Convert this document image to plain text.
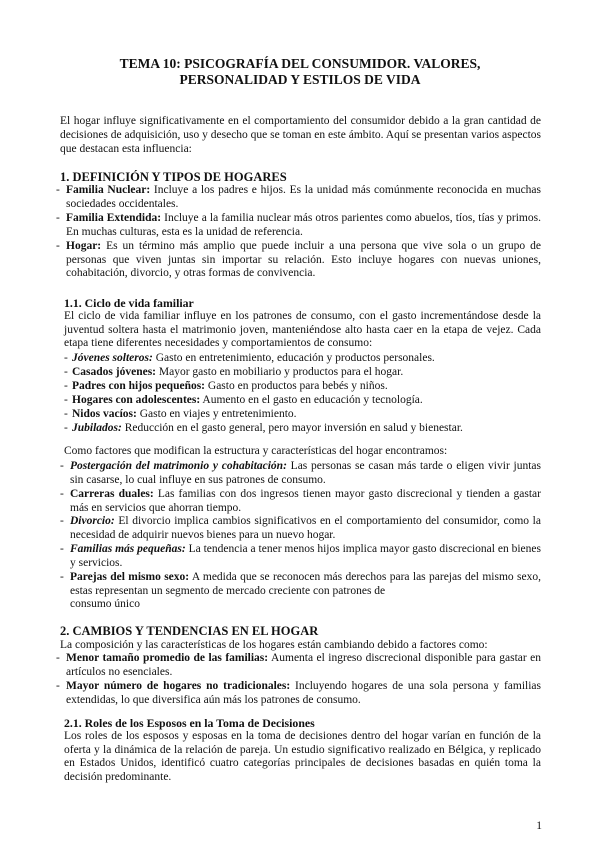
TEMA 10: PSICOGRAFÍA DEL CONSUMIDOR. VALORES,
PERSONALIDAD Y ESTILOS DE VIDA
El hogar influye significativamente en el comportamiento del consumidor debido a la gran cantidad de decisiones de adquisición, uso y desecho que se toman en este ámbito. Aquí se presentan varios aspectos que destacan esta influencia:
1. DEFINICIÓN Y TIPOS DE HOGARES
- Familia Nuclear: Incluye a los padres e hijos. Es la unidad más comúnmente reconocida en muchas sociedades occidentales.
- Familia Extendida: Incluye a la familia nuclear más otros parientes como abuelos, tíos, tías y primos. En muchas culturas, esta es la unidad de referencia.
- Hogar: Es un término más amplio que puede incluir a una persona que vive sola o un grupo de personas que viven juntas sin importar su relación. Esto incluye hogares con nuevas uniones, cohabitación, divorcio, y otras formas de convivencia.
1.1. Ciclo de vida familiar
El ciclo de vida familiar influye en los patrones de consumo, con el gasto incrementándose desde la juventud soltera hasta el matrimonio joven, manteniéndose alto hasta caer en la etapa de vejez. Cada etapa tiene diferentes necesidades y comportamientos de consumo:
- Jóvenes solteros: Gasto en entretenimiento, educación y productos personales.
- Casados jóvenes: Mayor gasto en mobiliario y productos para el hogar.
- Padres con hijos pequeños: Gasto en productos para bebés y niños.
- Hogares con adolescentes: Aumento en el gasto en educación y tecnología.
- Nidos vacíos: Gasto en viajes y entretenimiento.
- Jubilados: Reducción en el gasto general, pero mayor inversión en salud y bienestar.
Como factores que modifican la estructura y características del hogar encontramos:
- Postergación del matrimonio y cohabitación: Las personas se casan más tarde o eligen vivir juntas sin casarse, lo cual influye en sus patrones de consumo.
- Carreras duales: Las familias con dos ingresos tienen mayor gasto discrecional y tienden a gastar más en servicios que ahorran tiempo.
- Divorcio: El divorcio implica cambios significativos en el comportamiento del consumidor, como la necesidad de adquirir nuevos bienes para un nuevo hogar.
- Familias más pequeñas: La tendencia a tener menos hijos implica mayor gasto discrecional en bienes y servicios.
- Parejas del mismo sexo: A medida que se reconocen más derechos para las parejas del mismo sexo, estas representan un segmento de mercado creciente con patrones de
consumo único
2. CAMBIOS Y TENDENCIAS EN EL HOGAR
La composición y las características de los hogares están cambiando debido a factores como:
- Menor tamaño promedio de las familias: Aumenta el ingreso discrecional disponible para gastar en artículos no esenciales.
- Mayor número de hogares no tradicionales: Incluyendo hogares de una sola persona y familias extendidas, lo que diversifica aún más los patrones de consumo.
2.1. Roles de los Esposos en la Toma de Decisiones
Los roles de los esposos y esposas en la toma de decisiones dentro del hogar varían en función de la oferta y la dinámica de la relación de pareja. Un estudio significativo realizado en Bélgica, y replicado en Estados Unidos, identificó cuatro categorías principales de decisiones basadas en quién toma la decisión predominante.
1
